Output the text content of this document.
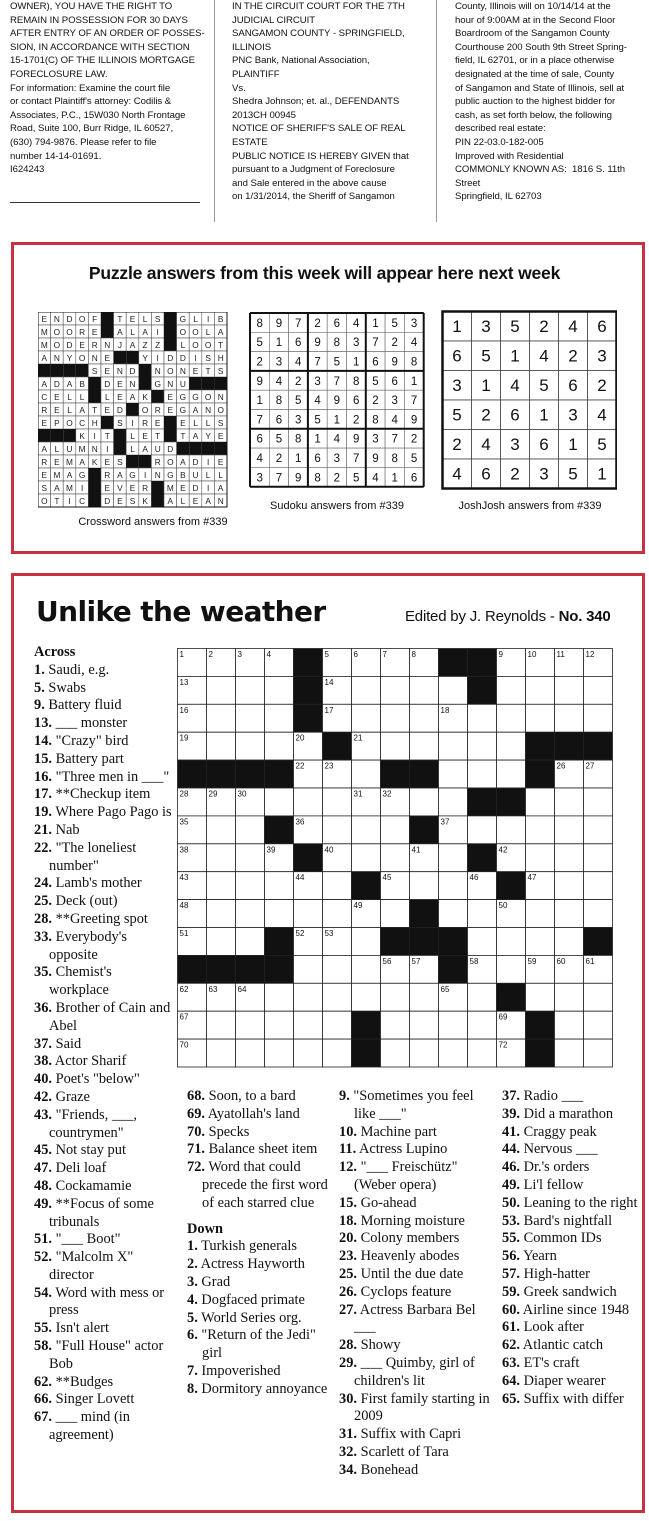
OWNER), YOU HAVE THE RIGHT TO
REMAIN IN POSSESSION FOR 30 DAYS
AFTER ENTRY OF AN ORDER OF POSSES-
SION, IN ACCORDANCE WITH SECTION
15-1701(C) OF THE ILLINOIS MORTGAGE
FORECLOSURE LAW.
For information: Examine the court file
or contact Plaintiff's attorney: Codilis &
Associates, P.C., 15W030 North Frontage
Road, Suite 100, Burr Ridge, IL 60527,
(630) 794-9876. Please refer to file
number 14-14-01691.
I624243
IN THE CIRCUIT COURT FOR THE 7TH
JUDICIAL CIRCUIT
SANGAMON COUNTY - SPRINGFIELD,
ILLINOIS
PNC Bank, National Association,
PLAINTIFF
Vs.
Shedra Johnson; et. al., DEFENDANTS
2013CH 00945
NOTICE OF SHERIFF'S SALE OF REAL
ESTATE
PUBLIC NOTICE IS HEREBY GIVEN that
pursuant to a Judgment of Foreclosure
and Sale entered in the above cause
on 1/31/2014, the Sheriff of Sangamon
County, Illinois will on 10/14/14 at the
hour of 9:00AM at in the Second Floor
Boardroom of the Sangamon County
Courthouse 200 South 9th Street Spring-
field, IL 62701, or in a place otherwise
designated at the time of sale, County
of Sangamon and State of Illinois, sell at
public auction to the highest bidder for
cash, as set forth below, the following
described real estate:
PIN 22-03.0-182-005
Improved with Residential
COMMONLY KNOWN AS:  1816 S. 11th
Street
Springfield, IL 62703
Puzzle answers from this week will appear here next week
E N D O F T E L S G L I B
M O O R E A L A I	O O L A
M O D E R N J A Z Z L O O T
A N Y O N E	Y I D D I S H
S E N D N O N E T S
A D A B D E N G N U
C E L L L E A K E G G O N
R E L A T E D O R E G A N O
E P O C H S I R E E L L S
K I T L E T T A Y E
A L U M N I	L A U D
R E M A K E S	R O A D I E
E M A G R A G I N G B U L L
S A M I	E V E R M E D I A
O T I C D E S K A L E A N
Crossword answers from #339
8 9 7 2 6 4 1 5 3
5 1 6 9 8 3 7 2 4
2 3 4 7 5 1 6 9 8
9 4 2 3 7 8 5 6 1
1 8 5 4 9 6 2 3 7
7 6 3 5 1 2 8 4 9
6 5 8 1 4 9 3 7 2
4 2 1 6 3 7 9 8 5
3 7 9 8 2 5 4 1 6
Sudoku answers from #339
1 3 5 2 4 6
6 5 1 4 2 3
3 1 4 5 6 2
5 2 6 1 3 4
2 4 3 6 1 5
4 6 2 3 5 1
JoshJosh answers from #339
Unlike the weather	Edited by J. Reynolds - No. 340
1	2	3	4	5	6	7	8	9	10	11	12
13	14	15
16	17	18
19	20	21
22	23	24	25	26	27
28	29	30	31	32	33	34
35	36	37
38	39	40	41	42
43	44	45	46	47
48	49	50
51	52	53	54
55	56	57	58	59	60	61
62	63	64	65	66
67	68	69
70	71	72
Across
1. Saudi, e.g.
5. Swabs
9. Battery fluid
13. ___ monster
14. "Crazy" bird
15. Battery part
16. "Three men in ___"
17. **Checkup item
19. Where Pago Pago is
21. Nab
22. "The loneliest number"
24. Lamb's mother
25. Deck (out)
28. **Greeting spot
33. Everybody's opposite
35. Chemist's workplace
36. Brother of Cain and Abel
37. Said
38. Actor Sharif
40. Poet's "below"
42. Graze
43. "Friends, ___, countrymen"
45. Not stay put
47. Deli loaf
48. Cockamamie
49. **Focus of some tribunals
51. "___ Boot"
52. "Malcolm X" director
54. Word with mess or press
55. Isn't alert
58. "Full House" actor Bob
62. **Budges
66. Singer Lovett
67. ___ mind (in agreement)
68. Soon, to a bard
69. Ayatollah's land
70. Specks
71. Balance sheet item
72. Word that could precede the first word of each starred clue
Down
1. Turkish generals
2. Actress Hayworth
3. Grad
4. Dogfaced primate
5. World Series org.
6. "Return of the Jedi" girl
7. Impoverished
8. Dormitory annoyance
9. "Sometimes you feel like ___"
10. Machine part
11. Actress Lupino
12. "___ Freischütz" (Weber opera)
15. Go-ahead
18. Morning moisture
20. Colony members
23. Heavenly abodes
25. Until the due date
26. Cyclops feature
27. Actress Barbara Bel ___
28. Showy
29. ___ Quimby, girl of children's lit
30. First family starting in 2009
31. Suffix with Capri
32. Scarlett of Tara
34. Bonehead
37. Radio ___
39. Did a marathon
41. Craggy peak
44. Nervous ___
46. Dr.'s orders
49. Li'l fellow
50. Leaning to the right
53. Bard's nightfall
55. Common IDs
56. Yearn
57. High-hatter
59. Greek sandwich
60. Airline since 1948
61. Look after
62. Atlantic catch
63. ET's craft
64. Diaper wearer
65. Suffix with differ
